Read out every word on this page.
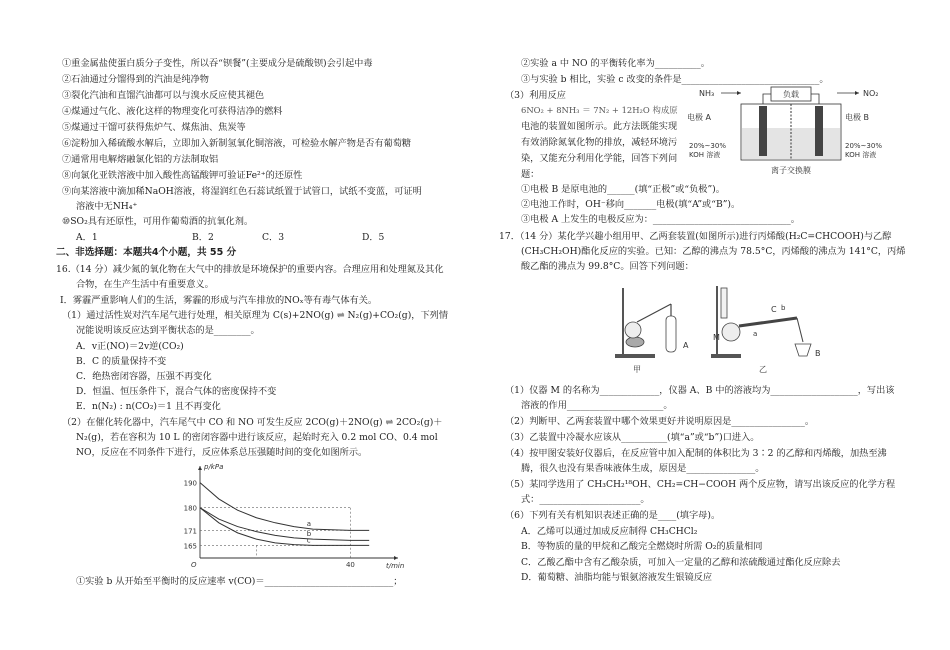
①重金属盐使蛋白质分子变性，所以吞“钡餐”(主要成分是硫酸钡)会引起中毒
②石油通过分馏得到的汽油是纯净物
③裂化汽油和直馏汽油都可以与溴水反应使其褪色
④煤通过气化、液化这样的物理变化可获得洁净的燃料
⑤煤通过干馏可获得焦炉气、煤焦油、焦炭等
⑥淀粉加入稀硫酸水解后，立即加入新制氢氧化铜溶液，可检验水解产物是否有葡萄糖
⑦通常用电解熔融氯化铝的方法制取铝
⑧向氯化亚铁溶液中加入酸性高锰酸钾可验证Fe²⁺的还原性
⑨向某溶液中滴加稀NaOH溶液，将湿润红色石蕊试纸置于试管口，试纸不变蓝，可证明
溶液中无NH₄⁺
⑩SO₂具有还原性，可用作葡萄酒的抗氧化剂。
A．1	B．2	C．3	D．5
二、非选择题：本题共4个小题，共 55 分
16.（14 分）减少氮的氧化物在大气中的排放是环境保护的重要内容。合理应用和处理氮及其化
合物，在生产生活中有重要意义。
Ⅰ．雾霾严重影响人们的生活，雾霾的形成与汽车排放的NOₓ等有毒气体有关。
（1）通过活性炭对汽车尾气进行处理，相关原理为 C(s)+2NO(g) ⇌ N₂(g)+CO₂(g)，下列情
况能说明该反应达到平衡状态的是________。
A．v正(NO)＝2v逆(CO₂)
B．C 的质量保持不变
C．绝热密闭容器，压强不再变化
D．恒温、恒压条件下，混合气体的密度保持不变
E．n(N₂) : n(CO₂)＝1 且不再变化
（2）在催化转化器中，汽车尾气中 CO 和 NO 可发生反应 2CO(g)＋2NO(g) ⇌ 2CO₂(g)＋
N₂(g)，若在容积为 10 L 的密闭容器中进行该反应，起始时充入 0.2 mol CO、0.4 mol
NO，反应在不同条件下进行，反应体系总压强随时间的变化如图所示。
p/kPa
t/min
O
190
180
171
165
40
a
b
c
①实验 b 从开始至平衡时的反应速率 v(CO)＝____________________________；
②实验 a 中 NO 的平衡转化率为__________。
③与实验 b 相比，实验 c 改变的条件是______________________________。
（3）利用反应
6NO₂ + 8NH₃ ＝ 7N₂ + 12H₂O 构成原
电池的装置如图所示。此方法既能实现
有效消除氮氧化物的排放，减轻环境污
染，又能充分利用化学能，回答下列问
题：
①电极 B 是原电池的______(填“正极”或“负极”)。
②电池工作时，OH⁻移向_______电极(填“A”或“B”)。
③电极 A 上发生的电极反应为：______________________________。
NH₃	NO₂
负载
电极 A	电极 B
20%~30%
KOH 溶液
20%~30%
KOH 溶液
离子交换膜
17．（14 分）某化学兴趣小组用甲、乙两套装置(如图所示)进行丙烯酸(H₂C=CHCOOH)与乙醇
(CH₃CH₂OH)酯化反应的实验。已知：乙醇的沸点为 78.5°C，丙烯酸的沸点为 141°C，丙烯
酸乙酯的沸点为 99.8°C。回答下列问题：
A
甲
M
C
a
b
B
乙
（1）仪器 M 的名称为_____________，仪器 A、B 中的溶液均为___________________，写出该
溶液的作用_____________________。
（2）判断甲、乙两套装置中哪个效果更好并说明原因是________________。
（3）乙装置中冷凝水应该从__________(填“a”或“b”)口进入。
（4）按甲图安装好仪器后，在反应管中加入配制的体积比为 3∶2 的乙醇和丙烯酸，加热至沸
腾，很久也没有果香味液体生成，原因是_______________。
（5）某同学选用了 CH₃CH₂¹⁸OH、CH₂=CH−COOH 两个反应物，请写出该反应的化学方程
式：______________________。
（6）下列有关有机知识表述正确的是____(填字母)。
A．乙烯可以通过加成反应制得 CH₃CHCl₂
B．等物质的量的甲烷和乙酸完全燃烧时所需 O₂的质量相同
C．乙酸乙酯中含有乙酸杂质，可加入一定量的乙醇和浓硫酸通过酯化反应除去
D．葡萄糖、油脂均能与银氨溶液发生银镜反应
